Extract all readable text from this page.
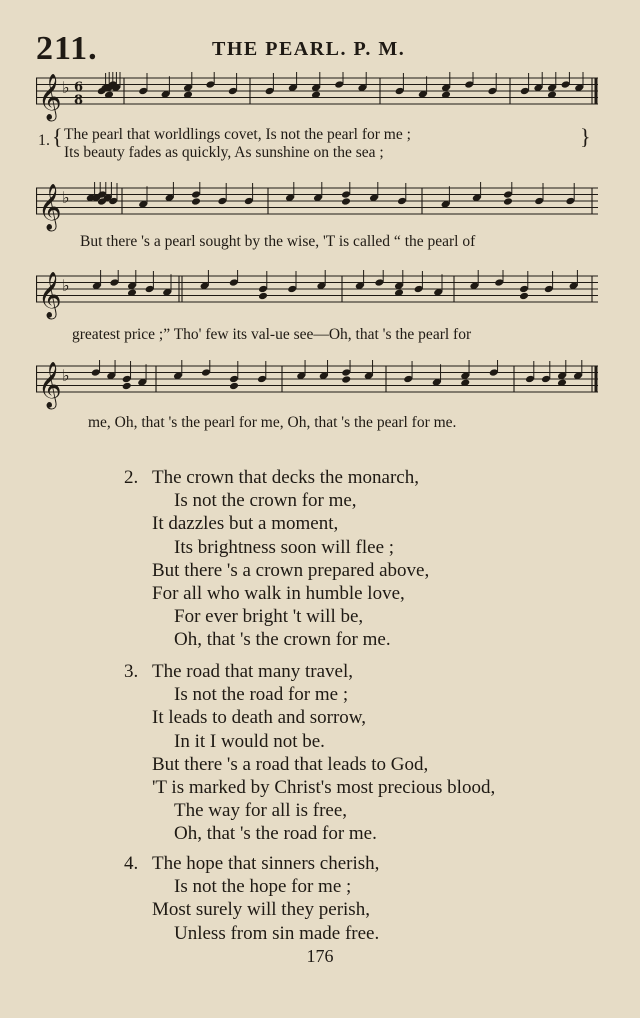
211.	THE PEARL. P. M.
𝄞 ♭ 6
8
1. { The pearl that worldlings covet, Is not the pearl for me ;
Its beauty fades as quickly, As sunshine on the sea ;
}
𝄞 ♭
But there 's a pearl sought by the wise, 'T is called “ the pearl of
𝄞 ♭
greatest price ;” Tho' few its val-ue see—Oh, that 's the pearl for
𝄞 ♭
me, Oh, that 's the pearl for me, Oh, that 's the pearl for me.
2. The crown that decks the monarch,
Is not the crown for me,
It dazzles but a moment,
Its brightness soon will flee ;
But there 's a crown prepared above,
For all who walk in humble love,
For ever bright 't will be,
Oh, that 's the crown for me.
3. The road that many travel,
Is not the road for me ;
It leads to death and sorrow,
In it I would not be.
But there 's a road that leads to God,
'T is marked by Christ's most precious blood,
The way for all is free,
Oh, that 's the road for me.
4. The hope that sinners cherish,
Is not the hope for me ;
Most surely will they perish,
Unless from sin made free.
176
